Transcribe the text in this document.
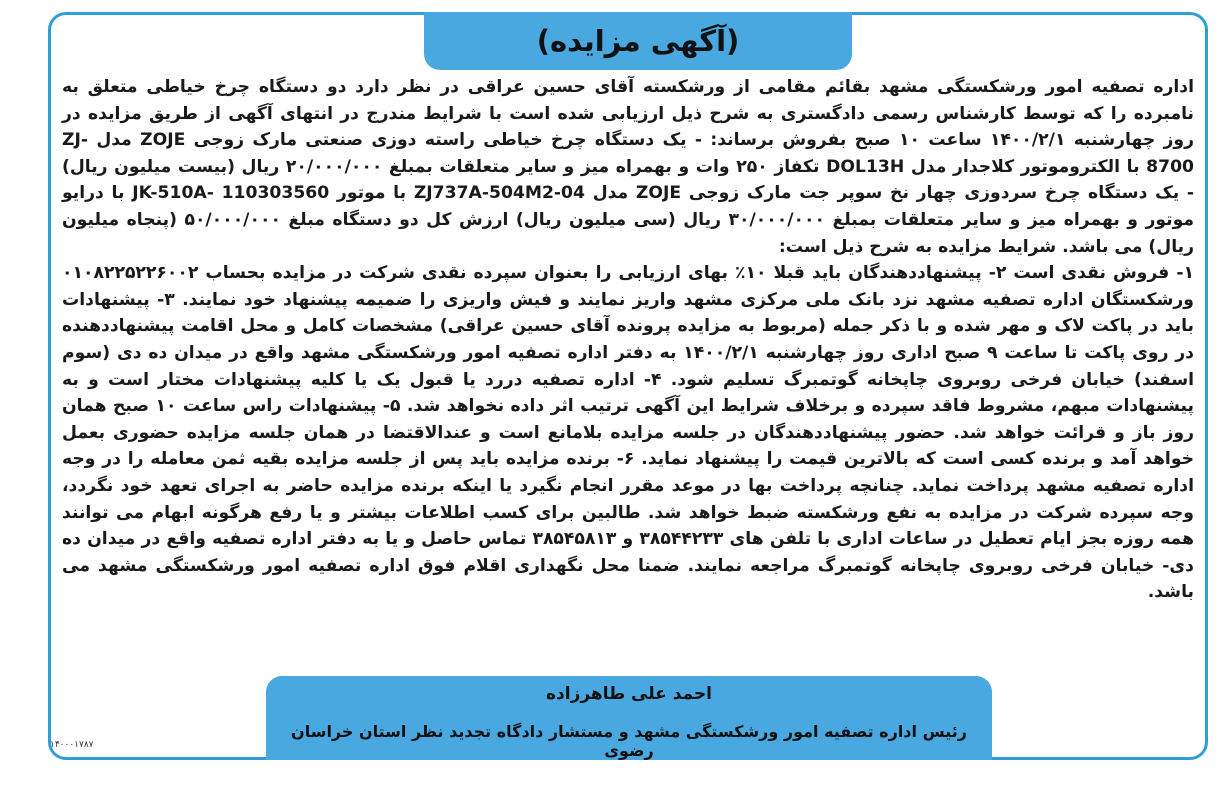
(آگهی مزایده)

اداره تصفیه امور ورشکستگی مشهد بقائم مقامی از ورشکسته آقای حسین عراقی در نظر دارد دو دستگاه چرخ خیاطی متعلق به نامبرده را که توسط کارشناس رسمی دادگستری به شرح ذیل ارزیابی شده است با شرایط مندرج در انتهای آگهی از طریق مزایده در روز چهارشنبه ۱۴۰۰/۲/۱ ساعت ۱۰ صبح بفروش برساند: - یک دستگاه چرخ خیاطی راسته دوزی صنعتی مارک زوجی ZOJE مدل ZJ-8700 با الکتروموتور کلاجدار مدل DOL13H تکفاز ۲۵۰ وات و بهمراه میز و سایر متعلقات بمبلغ ۲۰/۰۰۰/۰۰۰ ریال (بیست میلیون ریال) - یک دستگاه چرخ سردوزی چهار نخ سوپر جت مارک زوجی ZOJE مدل ZJ737A-504M2-04 با موتور JK-510A- 110303560 با درایو موتور و بهمراه میز و سایر متعلقات بمبلغ ۳۰/۰۰۰/۰۰۰ ریال (سی میلیون ریال) ارزش کل دو دستگاه مبلغ ۵۰/۰۰۰/۰۰۰ (پنجاه میلیون ریال) می باشد. شرایط مزایده به شرح ذیل است:

۱- فروش نقدی است ۲- پیشنهاددهندگان باید قبلا ۱۰٪ بهای ارزیابی را بعنوان سپرده نقدی شرکت در مزایده بحساب ۰۱۰۸۲۲۵۲۲۶۰۰۲ ورشکستگان اداره تصفیه مشهد نزد بانک ملی مرکزی مشهد واریز نمایند و فیش واریزی را ضمیمه پیشنهاد خود نمایند. ۳- پیشنهادات باید در پاکت لاک و مهر شده و با ذکر جمله (مربوط به مزایده پرونده آقای حسین عراقی) مشخصات کامل و محل اقامت پیشنهاددهنده در روی پاکت تا ساعت ۹ صبح اداری روز چهارشنبه ۱۴۰۰/۲/۱ به دفتر اداره تصفیه امور ورشکستگی مشهد واقع در میدان ده دی (سوم اسفند) خیابان فرخی روبروی چاپخانه گوتمبرگ تسلیم شود. ۴- اداره تصفیه دررد یا قبول یک یا کلیه پیشنهادات مختار است و به پیشنهادات مبهم، مشروط فاقد سپرده و برخلاف شرایط این آگهی ترتیب اثر داده نخواهد شد. ۵- پیشنهادات راس ساعت ۱۰ صبح همان روز باز و قرائت خواهد شد. حضور پیشنهاددهندگان در جلسه مزایده بلامانع است و عندالاقتضا در همان جلسه مزایده حضوری بعمل خواهد آمد و برنده کسی است که بالاترین قیمت را پیشنهاد نماید. ۶- برنده مزایده باید پس از جلسه مزایده بقیه ثمن معامله را در وجه اداره تصفیه مشهد پرداخت نماید. چنانچه پرداخت بها در موعد مقرر انجام نگیرد یا اینکه برنده مزایده حاضر به اجرای تعهد خود نگردد، وجه سپرده شرکت در مزایده به نفع ورشکسته ضبط خواهد شد. طالبین برای کسب اطلاعات بیشتر و یا رفع هرگونه ابهام می توانند همه روزه بجز ایام تعطیل در ساعات اداری با تلفن های ۳۸۵۴۴۲۳۳ و ۳۸۵۴۵۸۱۳ تماس حاصل و یا به دفتر اداره تصفیه واقع در میدان ده دی- خیابان فرخی روبروی چاپخانه گوتمبرگ مراجعه نمایند. ضمنا محل نگهداری اقلام فوق اداره تصفیه امور ورشکستگی مشهد می باشد.

احمد علی طاهرزاده
رئیس اداره تصفیه امور ورشکستگی مشهد و مستشار دادگاه تجدید نظر استان خراسان رضوی
۱۴۰۰۰۱۷۸۷
